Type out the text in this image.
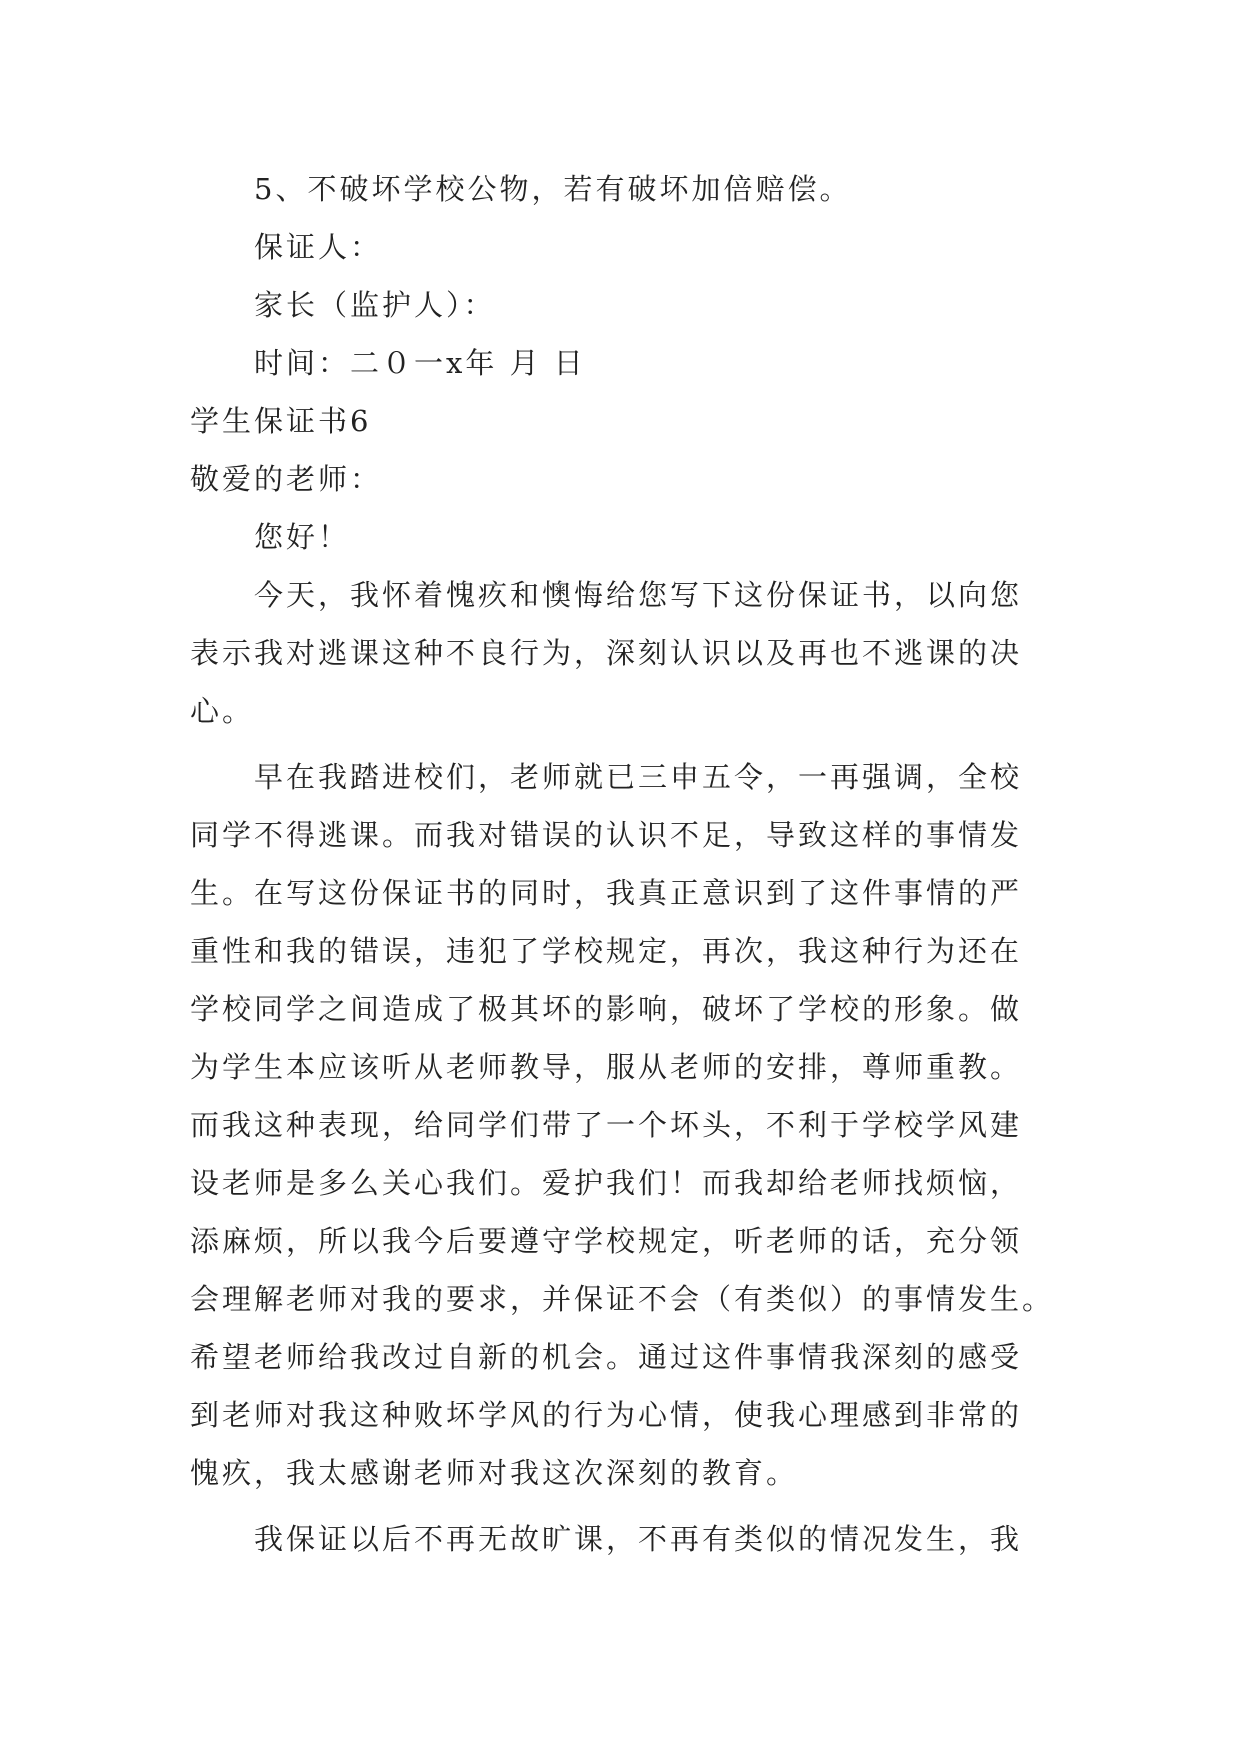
5、不破坏学校公物，若有破坏加倍赔偿。
保证人：
家长（监护人）：
时间：二０一x年 月 日
学生保证书6
敬爱的老师：
您好！
今天，我怀着愧疚和懊悔给您写下这份保证书，以向您
表示我对逃课这种不良行为，深刻认识以及再也不逃课的决
心。
早在我踏进校们，老师就已三申五令，一再强调，全校
同学不得逃课。而我对错误的认识不足，导致这样的事情发
生。在写这份保证书的同时，我真正意识到了这件事情的严
重性和我的错误，违犯了学校规定，再次，我这种行为还在
学校同学之间造成了极其坏的影响，破坏了学校的形象。做
为学生本应该听从老师教导，服从老师的安排，尊师重教。
而我这种表现，给同学们带了一个坏头，不利于学校学风建
设老师是多么关心我们。爱护我们！而我却给老师找烦恼，
添麻烦，所以我今后要遵守学校规定，听老师的话，充分领
会理解老师对我的要求，并保证不会（有类似）的事情发生。
希望老师给我改过自新的机会。通过这件事情我深刻的感受
到老师对我这种败坏学风的行为心情，使我心理感到非常的
愧疚，我太感谢老师对我这次深刻的教育。
我保证以后不再无故旷课，不再有类似的情况发生，我
